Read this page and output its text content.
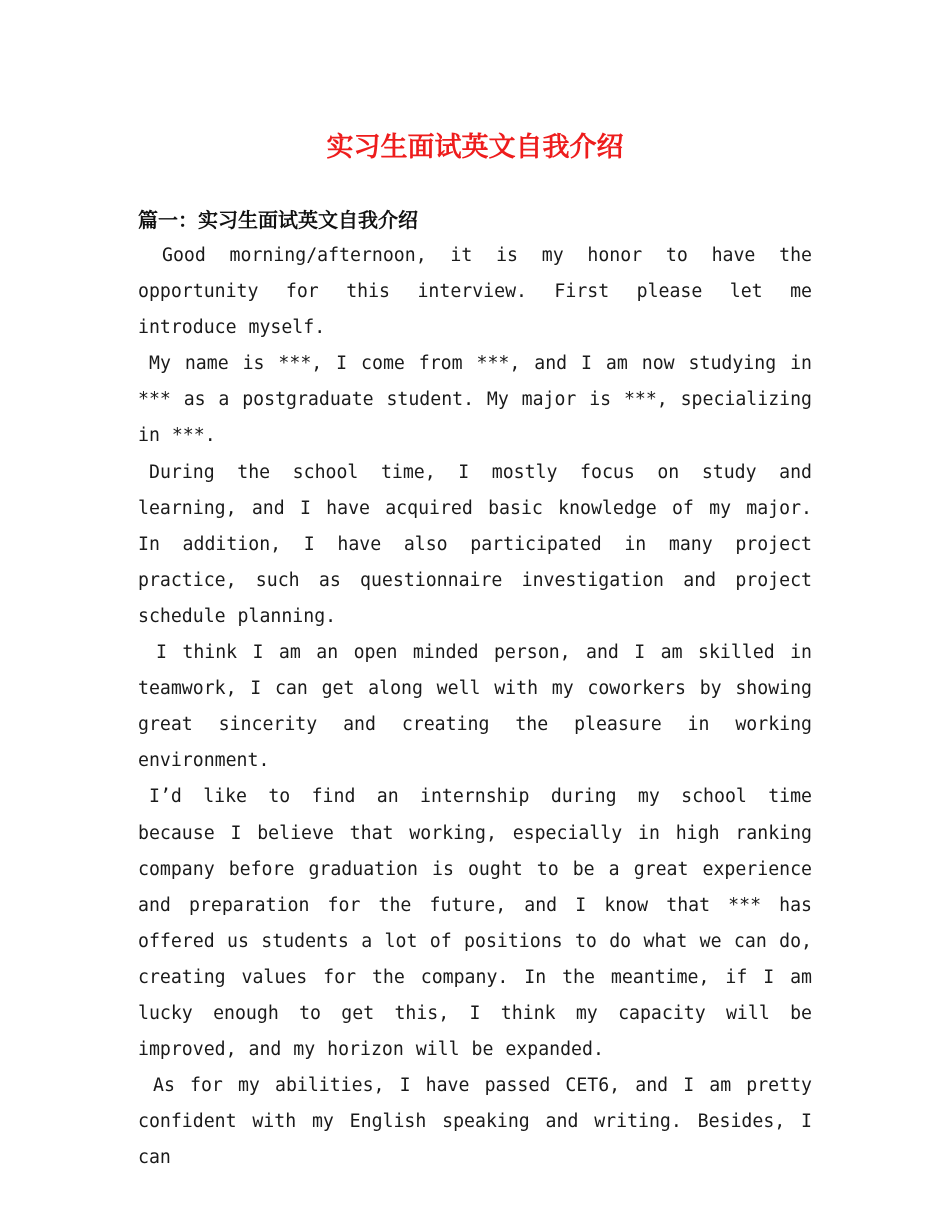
实习生面试英文自我介绍
篇一：实习生面试英文自我介绍

Good morning/afternoon, it is my honor to have the opportunity for this interview. First please let me introduce myself.

My name is ***, I come from ***, and I am now studying in *** as a postgraduate student. My major is ***, specializing in ***.

During the school time, I mostly focus on study and learning, and I have acquired basic knowledge of my major. In addition, I have also participated in many project practice, such as questionnaire investigation and project schedule planning.

I think I am an open minded person, and I am skilled in teamwork, I can get along well with my coworkers by showing great sincerity and creating the pleasure in working environment.

I’d like to find an internship during my school time because I believe that working, especially in high ranking company before graduation is ought to be a great experience and preparation for the future, and I know that *** has offered us students a lot of positions to do what we can do, creating values for the company. In the meantime, if I am lucky enough to get this, I think my capacity will be improved, and my horizon will be expanded.

As for my abilities, I have passed CET6, and I am pretty confident with my English speaking and writing. Besides, I can
